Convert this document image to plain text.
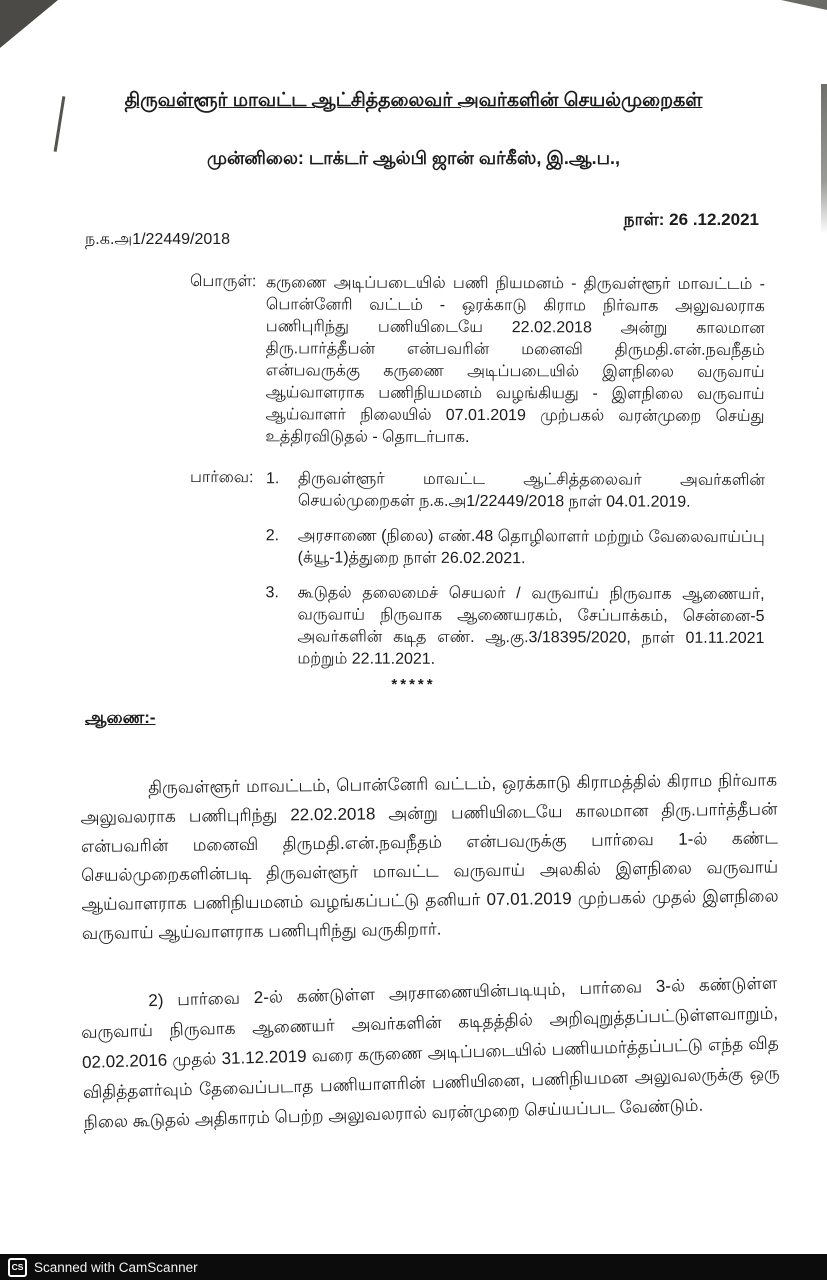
திருவள்ளூர் மாவட்ட ஆட்சித்தலைவர் அவர்களின் செயல்முறைகள்
முன்னிலை: டாக்டர் ஆல்பி ஜான் வர்கீஸ், இ.ஆ.ப.,
நாள்: 26 .12.2021
ந.க.அ1/22449/2018
பொருள்: கருணை அடிப்படையில் பணி நியமனம் - திருவள்ளூர் மாவட்டம் - பொன்னேரி வட்டம் - ஒரக்காடு கிராம நிர்வாக அலுவலராக பணிபுரிந்து பணியிடையே 22.02.2018 அன்று காலமான திரு.பார்த்தீபன் என்பவரின் மனைவி திருமதி.என்.நவநீதம் என்பவருக்கு கருணை அடிப்படையில் இளநிலை வருவாய் ஆய்வாளராக பணிநியமனம் வழங்கியது - இளநிலை வருவாய் ஆய்வாளர் நிலையில் 07.01.2019 முற்பகல் வரன்முறை செய்து உத்திரவிடுதல் - தொடர்பாக.
பார்வை: 1.	திருவள்ளூர் மாவட்ட ஆட்சித்தலைவர் அவர்களின் செயல்முறைகள் ந.க.அ1/22449/2018 நாள் 04.01.2019.
2.	அரசாணை (நிலை) எண்.48 தொழிலாளர் மற்றும் வேலைவாய்ப்பு (க்யூ-1)த்துறை நாள் 26.02.2021.
3.	கூடுதல் தலைமைச் செயலர் / வருவாய் நிருவாக ஆணையர், வருவாய் நிருவாக ஆணையரகம், சேப்பாக்கம், சென்னை-5 அவர்களின் கடித எண். ஆ.கு.3/18395/2020, நாள் 01.11.2021 மற்றும் 22.11.2021.
*****
ஆணை:-
திருவள்ளூர் மாவட்டம், பொன்னேரி வட்டம், ஒரக்காடு கிராமத்தில் கிராம நிர்வாக அலுவலராக பணிபுரிந்து 22.02.2018 அன்று பணியிடையே காலமான திரு.பார்த்தீபன் என்பவரின் மனைவி திருமதி.என்.நவநீதம் என்பவருக்கு பார்வை 1-ல் கண்ட செயல்முறைகளின்படி திருவள்ளூர் மாவட்ட வருவாய் அலகில் இளநிலை வருவாய் ஆய்வாளராக பணிநியமனம் வழங்கப்பட்டு தனியர் 07.01.2019 முற்பகல் முதல் இளநிலை வருவாய் ஆய்வாளராக பணிபுரிந்து வருகிறார்.
2) பார்வை 2-ல் கண்டுள்ள அரசாணையின்படியும், பார்வை 3-ல் கண்டுள்ள வருவாய் நிருவாக ஆணையர் அவர்களின் கடிதத்தில் அறிவுறுத்தப்பட்டுள்ளவாறும், 02.02.2016 முதல் 31.12.2019 வரை கருணை அடிப்படையில் பணியமர்த்தப்பட்டு எந்த வித விதித்தளர்வும் தேவைப்படாத பணியாளரின் பணியினை, பணிநியமன அலுவலருக்கு ஒரு நிலை கூடுதல் அதிகாரம் பெற்ற அலுவலரால் வரன்முறை செய்யப்பட வேண்டும்.
CS Scanned with CamScanner
